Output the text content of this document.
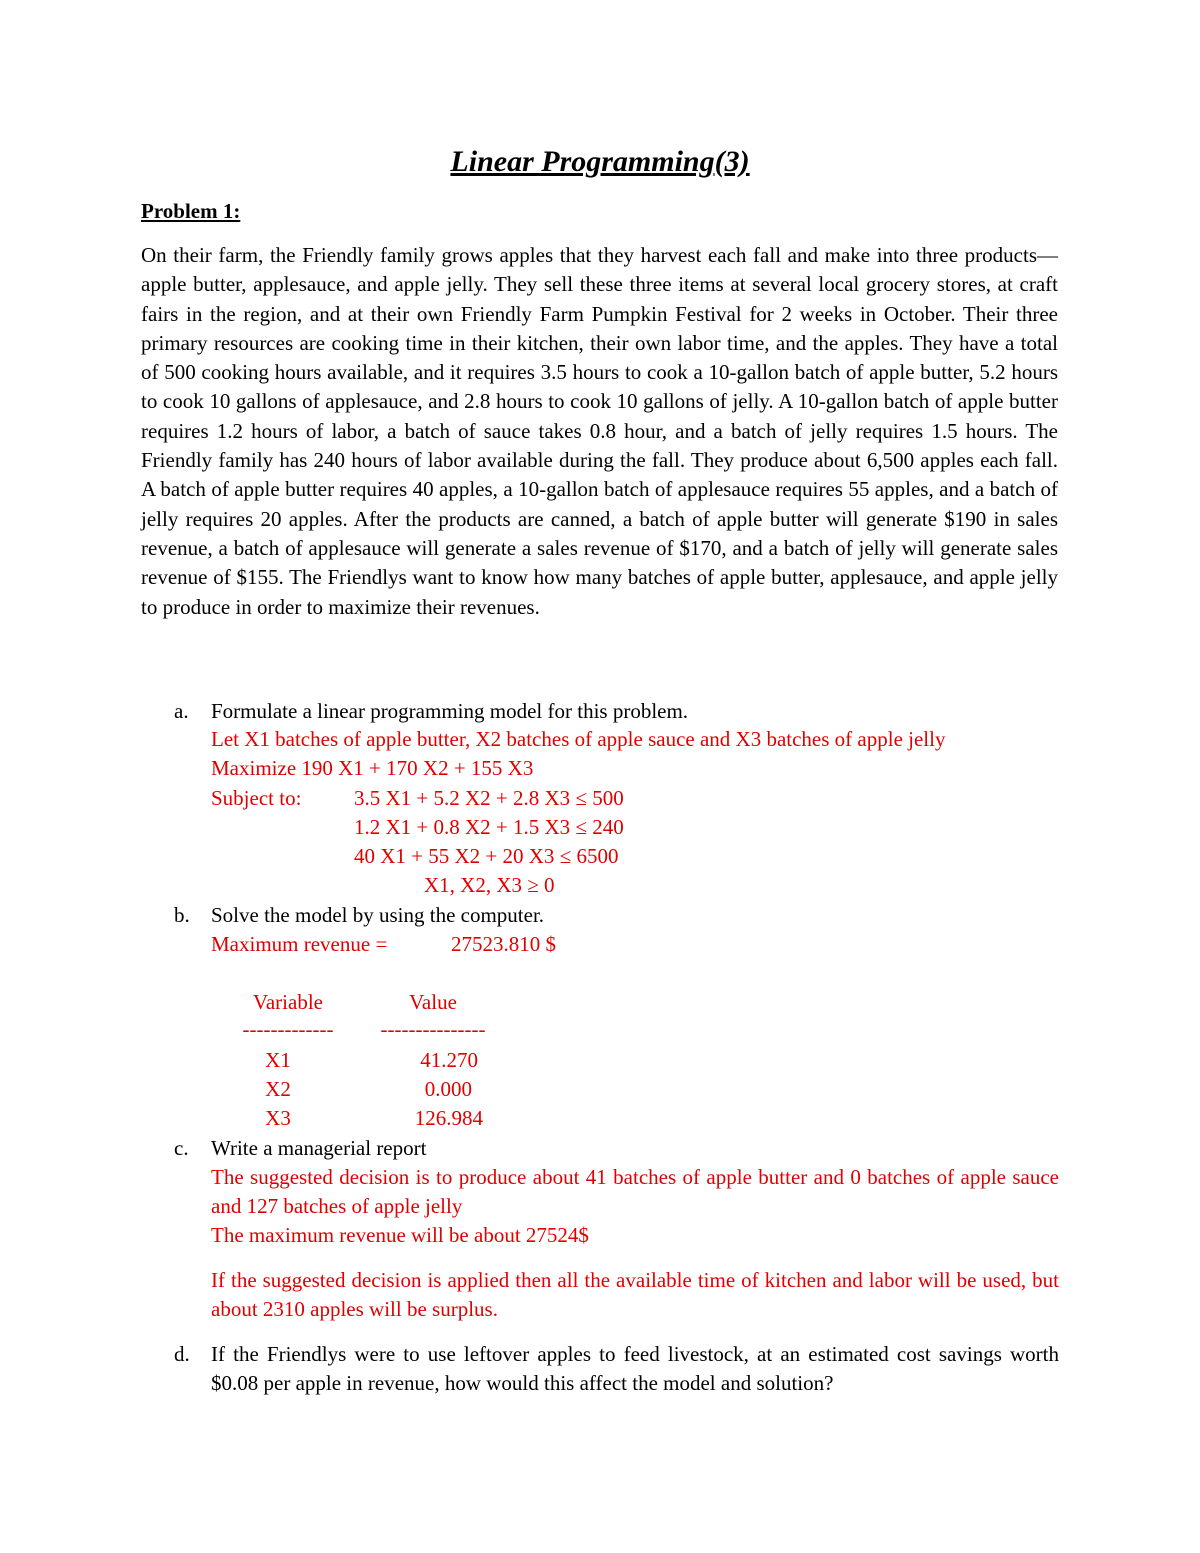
Linear Programming(3)
Problem 1:
On their farm, the Friendly family grows apples that they harvest each fall and make into three products—apple butter, applesauce, and apple jelly. They sell these three items at several local grocery stores, at craft fairs in the region, and at their own Friendly Farm Pumpkin Festival for 2 weeks in October. Their three primary resources are cooking time in their kitchen, their own labor time, and the apples. They have a total of 500 cooking hours available, and it requires 3.5 hours to cook a 10-gallon batch of apple butter, 5.2 hours to cook 10 gallons of applesauce, and 2.8 hours to cook 10 gallons of jelly. A 10-gallon batch of apple butter requires 1.2 hours of labor, a batch of sauce takes 0.8 hour, and a batch of jelly requires 1.5 hours. The Friendly family has 240 hours of labor available during the fall. They produce about 6,500 apples each fall. A batch of apple butter requires 40 apples, a 10-gallon batch of applesauce requires 55 apples, and a batch of jelly requires 20 apples. After the products are canned, a batch of apple butter will generate $190 in sales revenue, a batch of applesauce will generate a sales revenue of $170, and a batch of jelly will generate sales revenue of $155. The Friendlys want to know how many batches of apple butter, applesauce, and apple jelly to produce in order to maximize their revenues.
a. Formulate a linear programming model for this problem.
Let X1 batches of apple butter, X2 batches of apple sauce and X3 batches of apple jelly
Maximize 190 X1 + 170 X2 + 155 X3
Subject to:	3.5 X1 + 5.2 X2 + 2.8 X3 ≤ 500
1.2 X1 + 0.8 X2 + 1.5 X3 ≤ 240
40 X1 + 55 X2 + 20 X3 ≤ 6500
X1, X2, X3 ≥ 0
b. Solve the model by using the computer.
Maximum revenue =	27523.810 $
Variable	Value
-------------	---------------
X1	41.270
X2	0.000
X3	126.984
c. Write a managerial report
The suggested decision is to produce about 41 batches of apple butter and 0 batches of apple sauce and 127 batches of apple jelly
The maximum revenue will be about 27524$
If the suggested decision is applied then all the available time of kitchen and labor will be used, but about 2310 apples will be surplus.
d. If the Friendlys were to use leftover apples to feed livestock, at an estimated cost savings worth $0.08 per apple in revenue, how would this affect the model and solution?
